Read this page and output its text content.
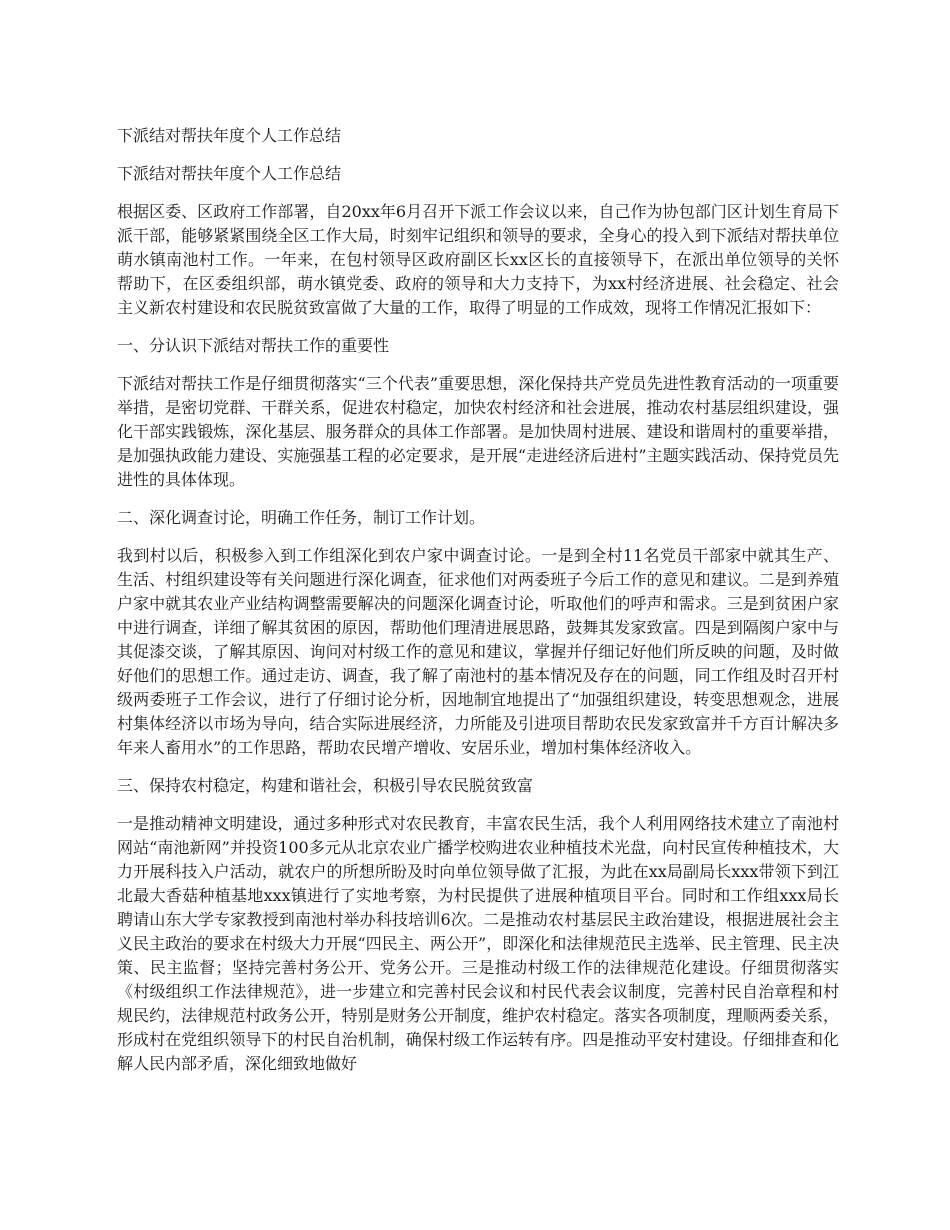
下派结对帮扶年度个人工作总结
下派结对帮扶年度个人工作总结
根据区委、区政府工作部署，自20xx年6月召开下派工作会议以来，自己作为协包部门区计划生育局下派干部，能够紧紧围绕全区工作大局，时刻牢记组织和领导的要求，全身心的投入到下派结对帮扶单位萌水镇南池村工作。一年来，在包村领导区政府副区长xx区长的直接领导下，在派出单位领导的关怀帮助下，在区委组织部，萌水镇党委、政府的领导和大力支持下，为xx村经济进展、社会稳定、社会主义新农村建设和农民脱贫致富做了大量的工作，取得了明显的工作成效，现将工作情况汇报如下：
一、分认识下派结对帮扶工作的重要性
下派结对帮扶工作是仔细贯彻落实“三个代表”重要思想，深化保持共产党员先进性教育活动的一项重要举措，是密切党群、干群关系，促进农村稳定，加快农村经济和社会进展，推动农村基层组织建设，强化干部实践锻炼，深化基层、服务群众的具体工作部署。是加快周村进展、建设和谐周村的重要举措，是加强执政能力建设、实施强基工程的必定要求，是开展“走进经济后进村”主题实践活动、保持党员先进性的具体体现。
二、深化调查讨论，明确工作任务，制订工作计划。
我到村以后，积极参入到工作组深化到农户家中调查讨论。一是到全村11名党员干部家中就其生产、生活、村组织建设等有关问题进行深化调查，征求他们对两委班子今后工作的意见和建议。二是到养殖户家中就其农业产业结构调整需要解决的问题深化调查讨论，听取他们的呼声和需求。三是到贫困户家中进行调查，详细了解其贫困的原因，帮助他们理清进展思路，鼓舞其发家致富。四是到隔阂户家中与其促漆交谈，了解其原因、询问对村级工作的意见和建议，掌握并仔细记好他们所反映的问题，及时做好他们的思想工作。通过走访、调查，我了解了南池村的基本情况及存在的问题，同工作组及时召开村级两委班子工作会议，进行了仔细讨论分析，因地制宜地提出了“加强组织建设，转变思想观念，进展村集体经济以市场为导向，结合实际进展经济，力所能及引进项目帮助农民发家致富并千方百计解决多年来人畜用水”的工作思路，帮助农民增产增收、安居乐业，增加村集体经济收入。
三、保持农村稳定，构建和谐社会，积极引导农民脱贫致富
一是推动精神文明建设，通过多种形式对农民教育，丰富农民生活，我个人利用网络技术建立了南池村网站“南池新网”并投资100多元从北京农业广播学校购进农业种植技术光盘，向村民宣传种植技术，大力开展科技入户活动，就农户的所想所盼及时向单位领导做了汇报，为此在xx局副局长xxx带领下到江北最大香菇种植基地xxx镇进行了实地考察，为村民提供了进展种植项目平台。同时和工作组xxx局长聘请山东大学专家教授到南池村举办科技培训6次。二是推动农村基层民主政治建设，根据进展社会主义民主政治的要求在村级大力开展“四民主、两公开”，即深化和法律规范民主选举、民主管理、民主决策、民主监督；坚持完善村务公开、党务公开。三是推动村级工作的法律规范化建设。仔细贯彻落实《村级组织工作法律规范》，进一步建立和完善村民会议和村民代表会议制度，完善村民自治章程和村规民约，法律规范村政务公开，特别是财务公开制度，维护农村稳定。落实各项制度，理顺两委关系，形成村在党组织领导下的村民自治机制，确保村级工作运转有序。四是推动平安村建设。仔细排查和化解人民内部矛盾，深化细致地做好
